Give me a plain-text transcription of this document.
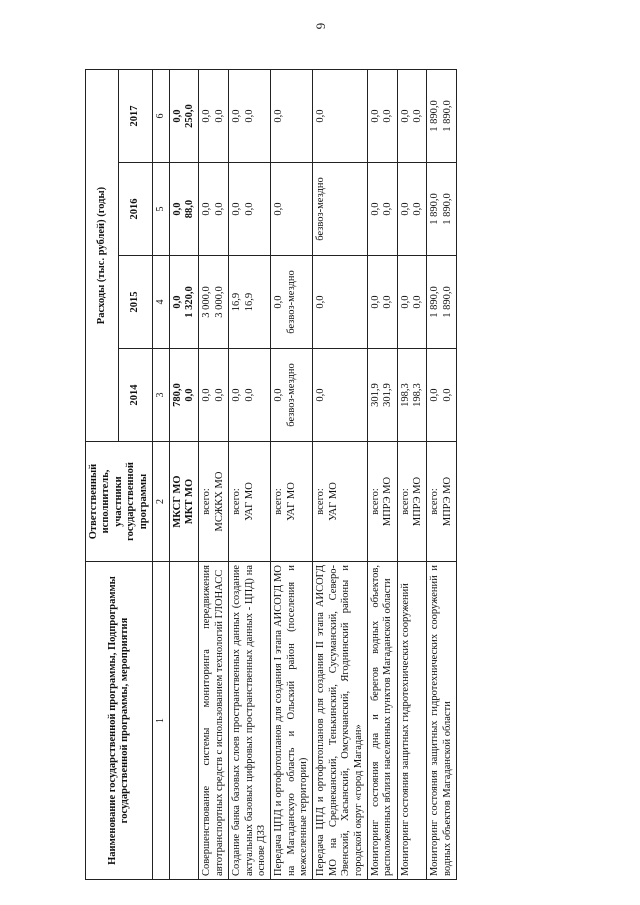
6
Наименование государственной программы, Подпрограммы государственной программы, мероприятия	Ответственный исполнитель, участники государственной программы	Расходы (тыс. рублей) (годы)			
		2014	2015	2016	2017
1	2	3	4	5	6

	МКСГ МО МКТ МО	780,0 0,0	0,0 1 320,0	0,0 88,0	0,0 250,0

Совершенствование системы мониторинга передвижения автотранспортных средств с использованием технологий ГЛОНАСС	всего: МСЖКХ МО	0,0 0,0	3 000,0 3 000,0	0,0 0,0	0,0 0,0

Создание банка базовых слоев пространственных данных (создание актуальных базовых цифровых пространственных данных - ЦПД) на основе ДЗЗ	всего: УАГ МО	0,0 0,0	16,9 16,9	0,0 0,0	0,0 0,0

Передача ЦПД и ортофотопланов для создания I этапа АИСОГД МО на Магаданскую область и Ольский район (поселения и межселенные территории)	всего: УАГ МО	0,0 безвоз-мездно	0,0 безвоз-мездно	0,0	0,0

Передача ЦПД и ортофотопланов для создания II этапа АИСОГД МО на Среднеканский, Тенькинский, Сусуманский, Северо-Эвенский, Хасынский, Омсукчанский, Ягоднинский районы и городской округ «город Магадан»	всего: УАГ МО	0,0	0,0	безвоз-мездно	0,0

Мониторинг состояния дна и берегов водных объектов, расположенных вблизи населенных пунктов Магаданской области	всего: МПРЭ МО	301,9 301,9	0,0 0,0	0,0 0,0	0,0 0,0

Мониторинг состояния защитных гидротехнических сооружений	всего: МПРЭ МО	198,3 198,3	0,0 0,0	0,0 0,0	0,0 0,0

Мониторинг состояния защитных гидротехнических сооружений и водных объектов Магаданской области	всего: МПРЭ МО	0,0 0,0	1 890,0 1 890,0	1 890,0 1 890,0	1 890,0 1 890,0
